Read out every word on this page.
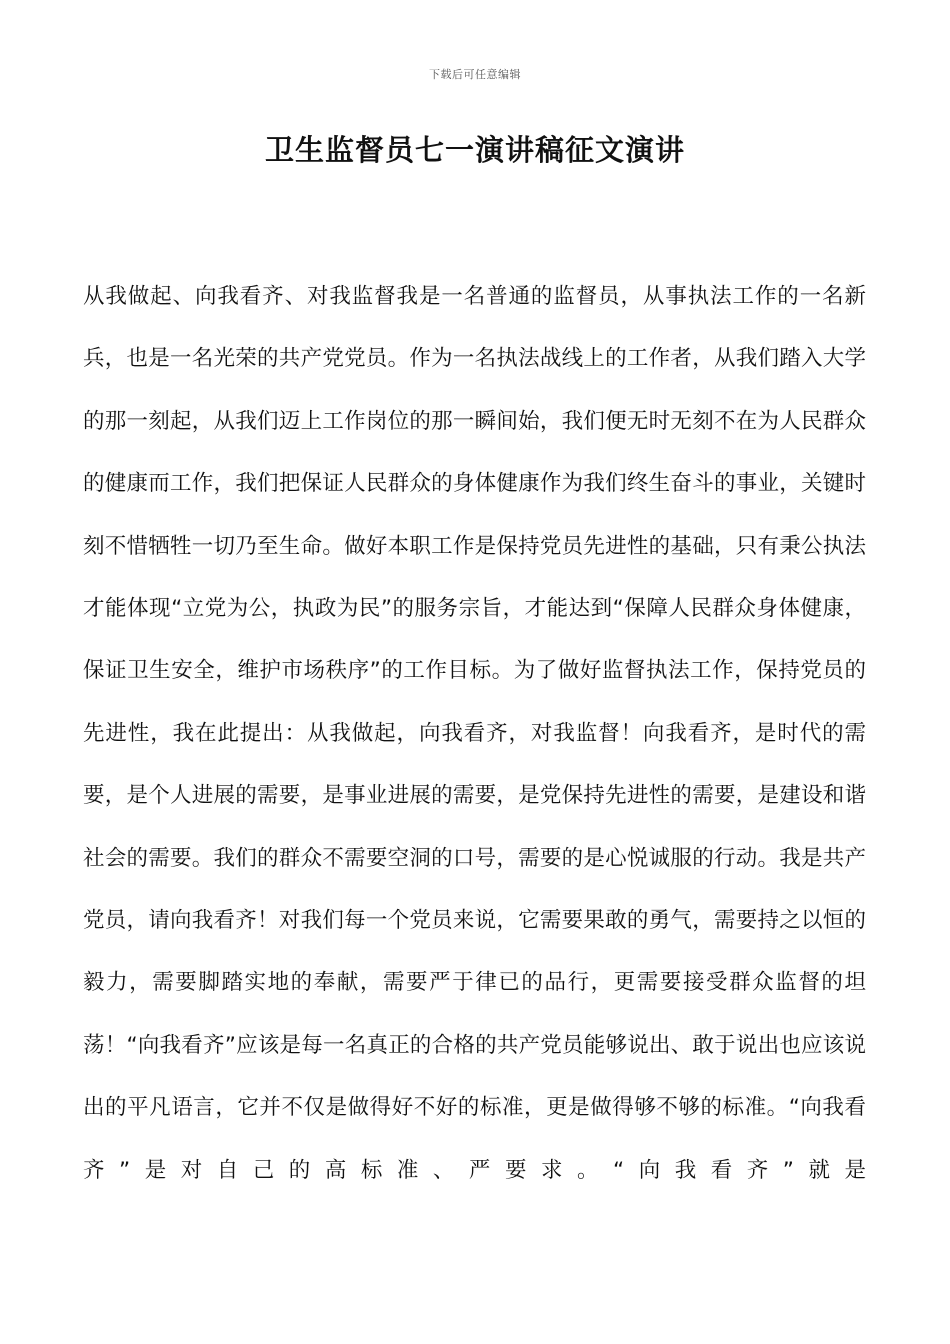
下载后可任意编辑
卫生监督员七一演讲稿征文演讲

从我做起、向我看齐、对我监督我是一名普通的监督员，从事执法工作的一名新兵，也是一名光荣的共产党党员。作为一名执法战线上的工作者，从我们踏入大学的那一刻起，从我们迈上工作岗位的那一瞬间始，我们便无时无刻不在为人民群众的健康而工作，我们把保证人民群众的身体健康作为我们终生奋斗的事业，关键时刻不惜牺牲一切乃至生命。做好本职工作是保持党员先进性的基础，只有秉公执法才能体现“立党为公，执政为民”的服务宗旨，才能达到“保障人民群众身体健康，保证卫生安全，维护市场秩序”的工作目标。为了做好监督执法工作，保持党员的先进性，我在此提出：从我做起，向我看齐，对我监督！向我看齐，是时代的需要，是个人进展的需要，是事业进展的需要，是党保持先进性的需要，是建设和谐社会的需要。我们的群众不需要空洞的口号，需要的是心悦诚服的行动。我是共产党员，请向我看齐！对我们每一个党员来说，它需要果敢的勇气，需要持之以恒的毅力，需要脚踏实地的奉献，需要严于律已的品行，更需要接受群众监督的坦荡！“向我看齐”应该是每一名真正的合格的共产党员能够说出、敢于说出也应该说出的平凡语言，它并不仅是做得好不好的标准，更是做得够不够的标准。“向我看齐”是对自己的高标准、严要求。“向我看齐”就是
